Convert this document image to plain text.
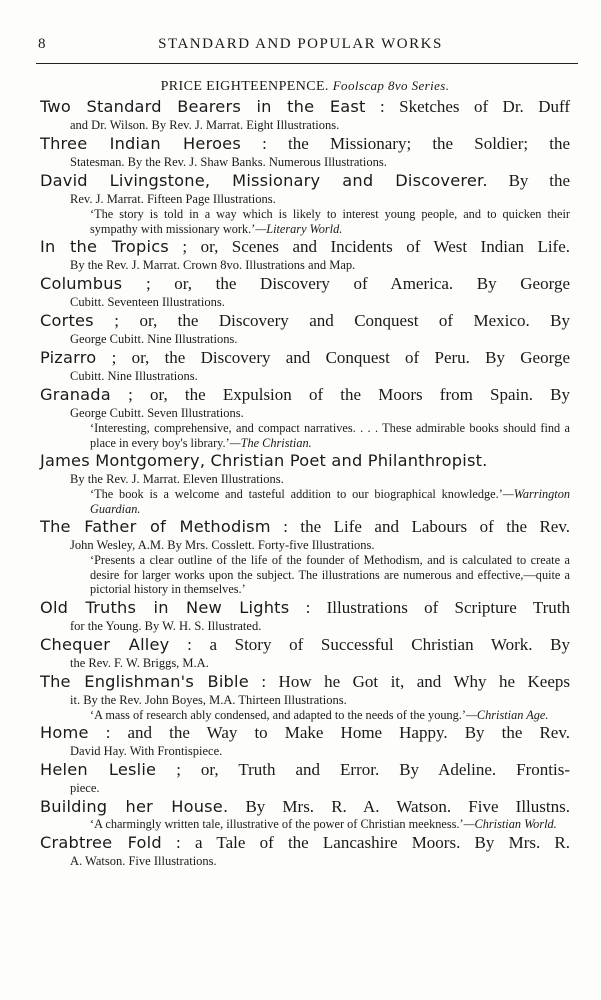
8	STANDARD AND POPULAR WORKS
PRICE EIGHTEENPENCE. Foolscap 8vo Series.
Two Standard Bearers in the East : Sketches of Dr. Duff
and Dr. Wilson. By Rev. J. Marrat. Eight Illustrations.
Three Indian Heroes : the Missionary; the Soldier; the
Statesman. By the Rev. J. Shaw Banks. Numerous Illustrations.
David Livingstone, Missionary and Discoverer. By the
Rev. J. Marrat. Fifteen Page Illustrations.
‘The story is told in a way which is likely to interest young people, and to quicken their sympathy with missionary work.’—Literary World.
In the Tropics ; or, Scenes and Incidents of West Indian Life.
By the Rev. J. Marrat. Crown 8vo. Illustrations and Map.
Columbus ; or, the Discovery of America. By George
Cubitt. Seventeen Illustrations.
Cortes ; or, the Discovery and Conquest of Mexico. By
George Cubitt. Nine Illustrations.
Pizarro ; or, the Discovery and Conquest of Peru. By George
Cubitt. Nine Illustrations.
Granada ; or, the Expulsion of the Moors from Spain. By
George Cubitt. Seven Illustrations.
‘Interesting, comprehensive, and compact narratives. . . . These admirable books should find a place in every boy's library.’—The Christian.
James Montgomery, Christian Poet and Philanthropist.
By the Rev. J. Marrat. Eleven Illustrations.
‘The book is a welcome and tasteful addition to our biographical knowledge.’—Warrington Guardian.
The Father of Methodism : the Life and Labours of the Rev.
John Wesley, A.M. By Mrs. Cosslett. Forty-five Illustrations.
‘Presents a clear outline of the life of the founder of Methodism, and is calculated to create a desire for larger works upon the subject. The illustrations are numerous and effective,—quite a pictorial history in themselves.’
Old Truths in New Lights : Illustrations of Scripture Truth
for the Young. By W. H. S. Illustrated.
Chequer Alley : a Story of Successful Christian Work. By
the Rev. F. W. Briggs, M.A.
The Englishman's Bible : How he Got it, and Why he Keeps
it. By the Rev. John Boyes, M.A. Thirteen Illustrations.
‘A mass of research ably condensed, and adapted to the needs of the young.’—Christian Age.
Home : and the Way to Make Home Happy. By the Rev.
David Hay. With Frontispiece.
Helen Leslie ; or, Truth and Error. By Adeline. Frontis-
piece.
Building her House. By Mrs. R. A. Watson. Five Illustns.
‘A charmingly written tale, illustrative of the power of Christian meekness.’—Christian World.
Crabtree Fold : a Tale of the Lancashire Moors. By Mrs. R.
A. Watson. Five Illustrations.
